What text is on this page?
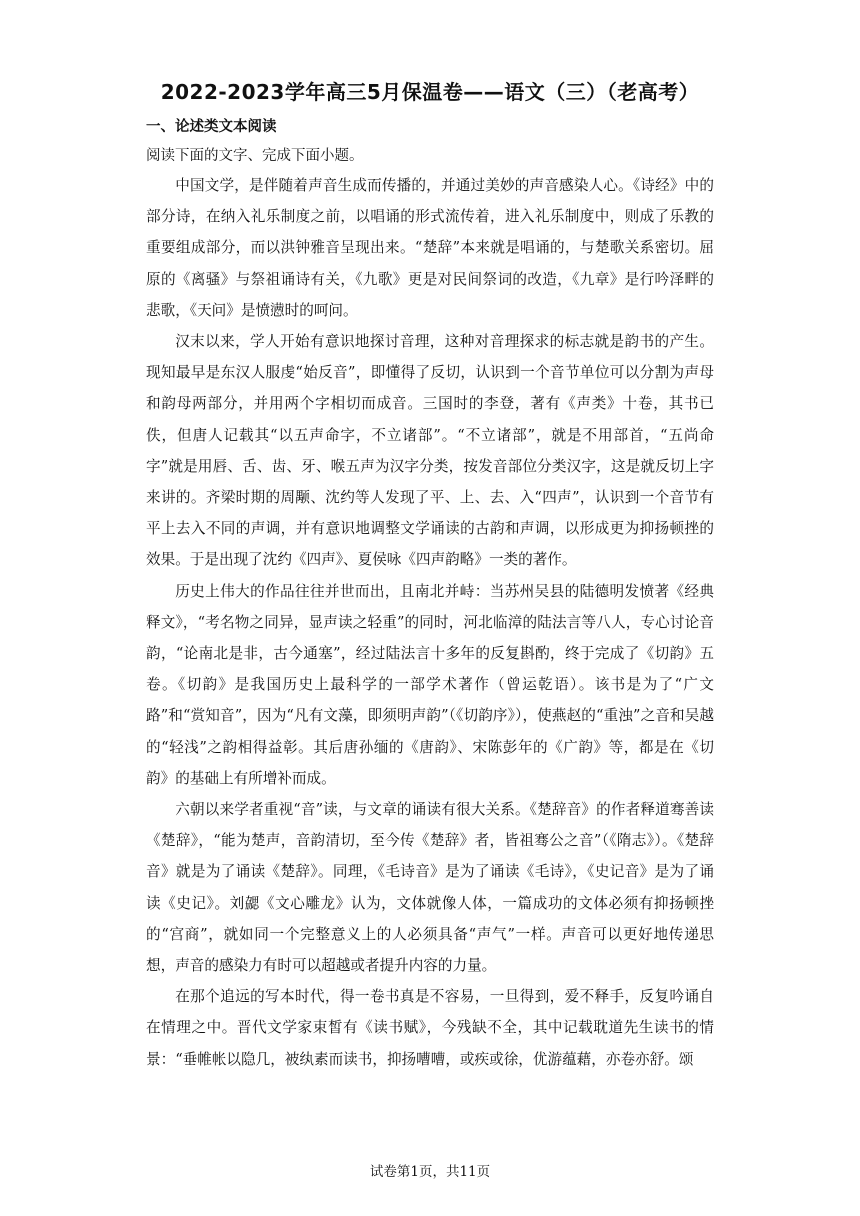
2022-2023学年高三5月保温卷——语文（三）（老高考）
一、论述类文本阅读
阅读下面的文字、完成下面小题。

中国文学，是伴随着声音生成而传播的，并通过美妙的声音感染人心。《诗经》中的部分诗，在纳入礼乐制度之前，以唱诵的形式流传着，进入礼乐制度中，则成了乐教的重要组成部分，而以洪钟雅音呈现出来。“楚辞”本来就是唱诵的，与楚歌关系密切。屈原的《离骚》与祭祖诵诗有关，《九歌》更是对民间祭词的改造，《九章》是行吟泽畔的悲歌，《天问》是愤懑时的呵问。

汉末以来，学人开始有意识地探讨音理，这种对音理探求的标志就是韵书的产生。现知最早是东汉人服虔“始反音”，即懂得了反切，认识到一个音节单位可以分割为声母和韵母两部分，并用两个字相切而成音。三国时的李登，著有《声类》十卷，其书已佚，但唐人记载其“以五声命字，不立诸部”。“不立诸部”，就是不用部首，“五尚命字”就是用唇、舌、齿、牙、喉五声为汉字分类，按发音部位分类汉字，这是就反切上字来讲的。齐梁时期的周颙、沈约等人发现了平、上、去、入“四声”，认识到一个音节有平上去入不同的声调，并有意识地调整文学诵读的古韵和声调，以形成更为抑扬顿挫的效果。于是出现了沈约《四声》、夏侯咏《四声韵略》一类的著作。

历史上伟大的作品往往并世而出，且南北并峙：当苏州吴县的陆德明发愤著《经典释文》，“考名物之同异，显声读之轻重”的同时，河北临漳的陆法言等八人，专心讨论音韵，“论南北是非，古今通塞”，经过陆法言十多年的反复斟酌，终于完成了《切韵》五卷。《切韵》是我国历史上最科学的一部学术著作（曾运乾语）。该书是为了“广文路”和“赏知音”，因为“凡有文藻，即须明声韵”（《切韵序》），使燕赵的“重浊”之音和吴越的“轻浅”之韵相得益彰。其后唐孙缅的《唐韵》、宋陈彭年的《广韵》等，都是在《切韵》的基础上有所增补而成。

六朝以来学者重视“音”读，与文章的诵读有很大关系。《楚辞音》的作者释道骞善读《楚辞》，“能为楚声，音韵清切，至今传《楚辞》者，皆祖骞公之音”（《隋志》）。《楚辞音》就是为了诵读《楚辞》。同理，《毛诗音》是为了诵读《毛诗》，《史记音》是为了诵读《史记》。刘勰《文心雕龙》认为，文体就像人体，一篇成功的文体必须有抑扬顿挫的“宫商”，就如同一个完整意义上的人必须具备“声气”一样。声音可以更好地传递思想，声音的感染力有时可以超越或者提升内容的力量。

在那个追远的写本时代，得一卷书真是不容易，一旦得到，爱不释手，反复吟诵自在情理之中。晋代文学家束皙有《读书赋》，今残缺不全，其中记载耽道先生读书的情景：“垂帷帐以隐几，被纨素而读书，抑扬嘈嘈，或疾或徐，优游蕴藉，亦卷亦舒。颂

试卷第1页，共11页
